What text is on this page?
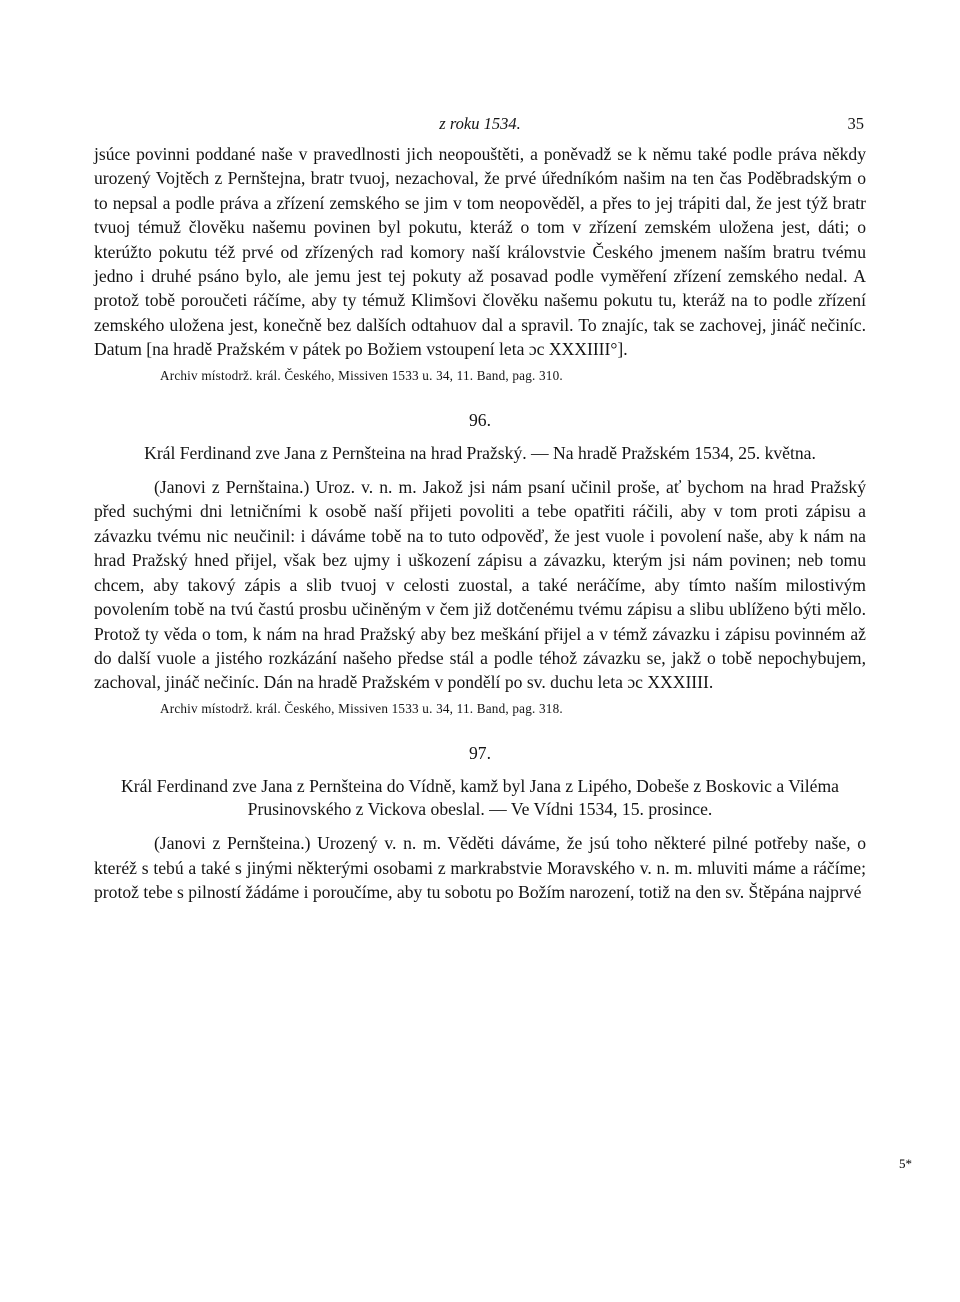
z roku 1534.	35

jsúce povinni poddané naše v pravedlnosti jich neopouštěti, a poněvadž se k němu také podle práva někdy urozený Vojtěch z Pernštejna, bratr tvuoj, nezachoval, že prvé úředníkóm našim na ten čas Poděbradským o to nepsal a podle práva a zřízení zemského se jim v tom neopověděl, a přes to jej trápiti dal, že jest týž bratr tvuoj témuž člověku našemu povinen byl pokutu, kteráž o tom v zřízení zemském uložena jest, dáti; o kterúžto pokutu též prvé od zřízených rad komory naší královstvie Českého jmenem naším bratru tvému jedno i druhé psáno bylo, ale jemu jest tej pokuty až posavad podle vyměření zřízení zemského nedal. A protož tobě poroučeti ráčíme, aby ty témuž Klimšovi člověku našemu pokutu tu, kteráž na to podle zřízení zemského uložena jest, konečně bez dalších odtahuov dal a spravil. To znajíc, tak se zachovej, jináč nečiníc. Datum [na hradě Pražském v pátek po Božiem vstoupení leta ɔc XXXIIII°].

Archiv místodrž. král. Českého, Missiven 1533 u. 34, 11. Band, pag. 310.

96.
Král Ferdinand zve Jana z Pernšteina na hrad Pražský. — Na hradě Pražském 1534, 25. května.

(Janovi z Pernštaina.) Uroz. v. n. m. Jakož jsi nám psaní učinil proše, ať bychom na hrad Pražský před suchými dni letničními k osobě naší přijeti povoliti a tebe opatřiti ráčili, aby v tom proti zápisu a závazku tvému nic neučinil: i dáváme tobě na to tuto odpověď, že jest vuole i povolení naše, aby k nám na hrad Pražský hned přijel, však bez ujmy i uškození zápisu a závazku, kterým jsi nám povinen; neb tomu chcem, aby takový zápis a slib tvuoj v celosti zuostal, a také neráčíme, aby tímto naším milostivým povolením tobě na tvú častú prosbu učiněným v čem již dotčenému tvému zápisu a slibu ublíženo býti mělo. Protož ty věda o tom, k nám na hrad Pražský aby bez meškání přijel a v témž závazku i zápisu povinném až do další vuole a jistého rozkázání našeho předse stál a podle téhož závazku se, jakž o tobě nepochybujem, zachoval, jináč nečiníc. Dán na hradě Pražském v pondělí po sv. duchu leta ɔc XXXIIII.

Archiv místodrž. král. Českého, Missiven 1533 u. 34, 11. Band, pag. 318.

97.
Král Ferdinand zve Jana z Pernšteina do Vídně, kamž byl Jana z Lipého, Dobeše z Boskovic a Viléma Prusinovského z Vickova obeslal. — Ve Vídni 1534, 15. prosince.

(Janovi z Pernšteina.) Urozený v. n. m. Věděti dáváme, že jsú toho některé pilné potřeby naše, o kteréž s tebú a také s jinými některými osobami z markrabstvie Moravského v. n. m. mluviti máme a ráčíme; protož tebe s pilností žádáme i poroučíme, aby tu sobotu po Božím narození, totiž na den sv. Štěpána najprvé

5*
